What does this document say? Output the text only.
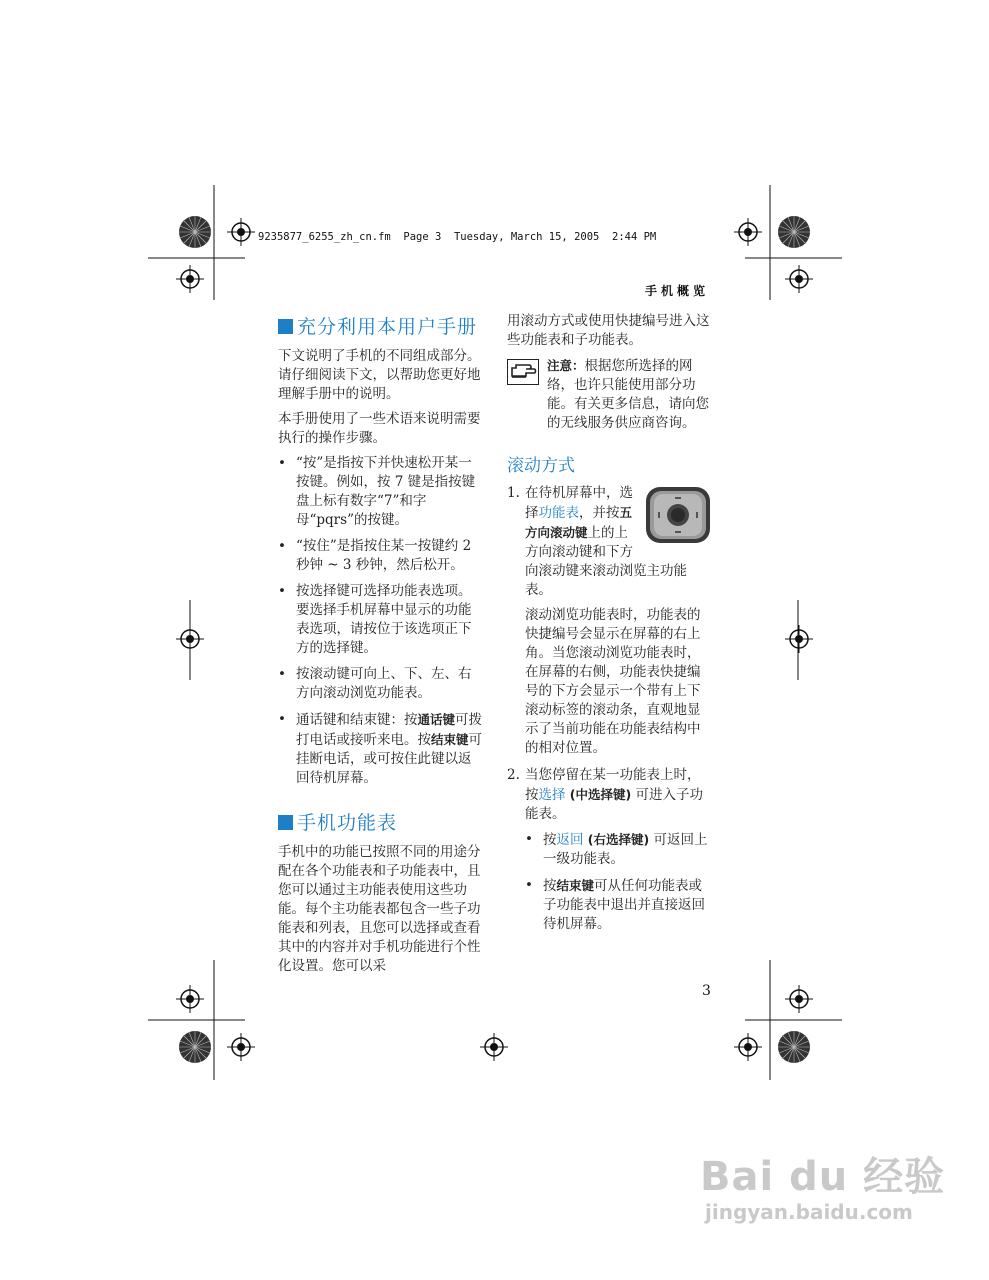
9235877_6255_zh_cn.fm  Page 3  Tuesday, March 15, 2005  2:44 PM
手机概览
充分利用本用户手册

下文说明了手机的不同组成部分。请仔细阅读下文，以帮助您更好地理解手册中的说明。

本手册使用了一些术语来说明需要执行的操作步骤。

• “按”是指按下并快速松开某一按键。例如，按 7 键是指按键盘上标有数字“7”和字母“pqrs”的按键。
• “按住”是指按住某一按键约 2 秒钟 ~ 3 秒钟，然后松开。
• 按选择键可选择功能表选项。要选择手机屏幕中显示的功能表选项，请按位于该选项正下方的选择键。
• 按滚动键可向上、下、左、右方向滚动浏览功能表。
• 通话键和结束键：按通话键可拨打电话或接听来电。按结束键可挂断电话，或可按住此键以返回待机屏幕。
手机功能表

手机中的功能已按照不同的用途分配在各个功能表和子功能表中，且您可以通过主功能表使用这些功能。每个主功能表都包含一些子功能表和列表，且您可以选择或查看其中的内容并对手机功能进行个性化设置。您可以采

用滚动方式或使用快捷编号进入这些功能表和子功能表。

注意：根据您所选择的网络，也许只能使用部分功能。有关更多信息，请向您的无线服务供应商咨询。
滚动方式
1. 在待机屏幕中，选择功能表，并按五方向滚动键上的上方向滚动键和下方向滚动键来滚动浏览主功能表。

滚动浏览功能表时，功能表的快捷编号会显示在屏幕的右上角。当您滚动浏览功能表时，在屏幕的右侧，功能表快捷编号的下方会显示一个带有上下滚动标签的滚动条，直观地显示了当前功能在功能表结构中的相对位置。

2. 当您停留在某一功能表上时，按选择 (中选择键) 可进入子功能表。
• 按返回 (右选择键) 可返回上一级功能表。
• 按结束键可从任何功能表或子功能表中退出并直接返回待机屏幕。
3
Bai du 经验
jingyan.baidu.com
